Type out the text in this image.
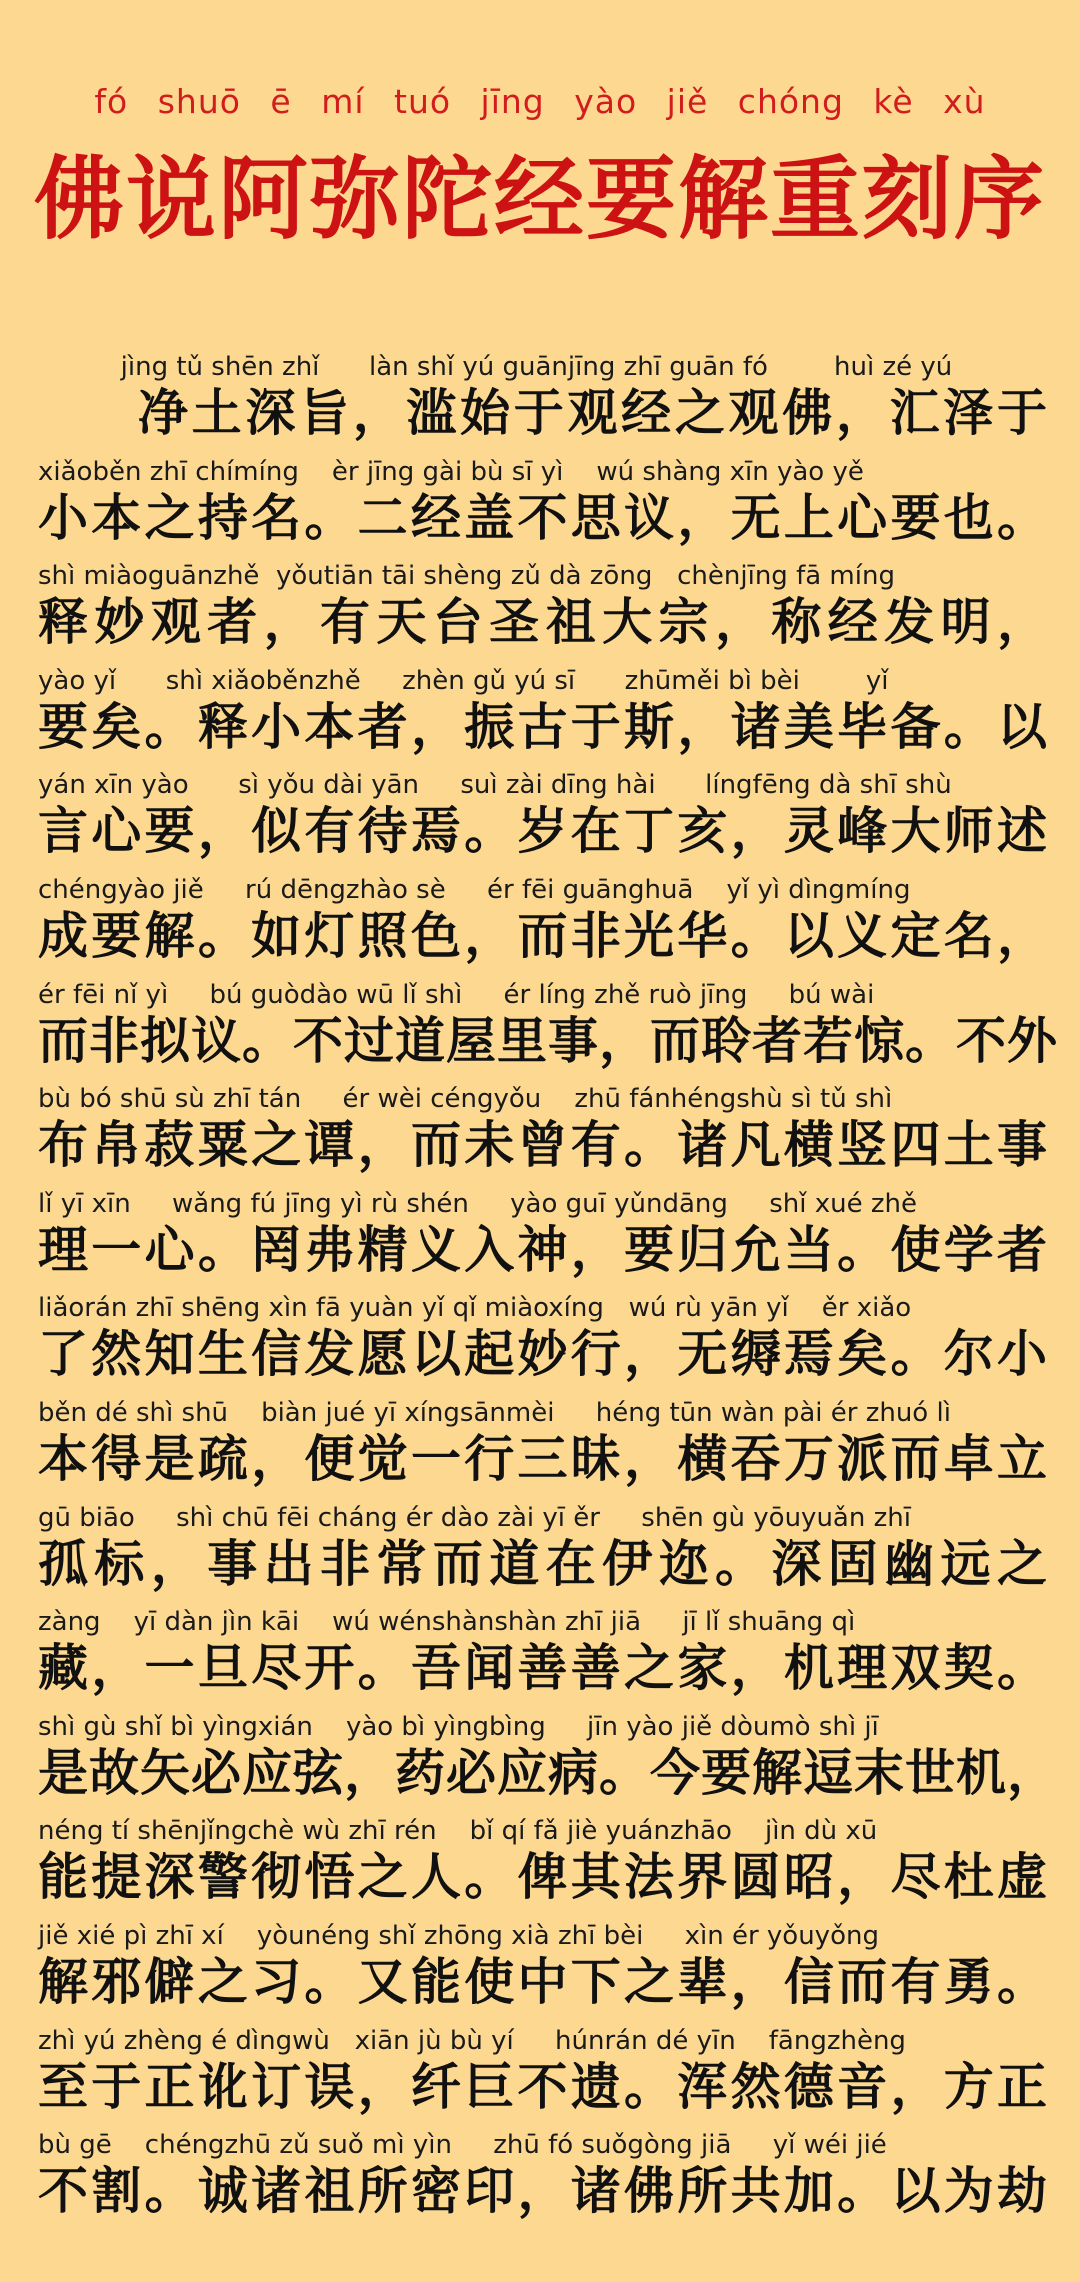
fó shuō ē mí tuó jīng yào jiě chóng kè xù
佛说阿弥陀经要解重刻序
jìng tǔ shēn zhǐ      làn shǐ yú guānjīng zhī guān fó        huì zé yú
净土深旨，滥始于观经之观佛，汇泽于
xiǎoběn zhī chímíng    èr jīng gài bù sī yì    wú shàng xīn yào yě
小本之持名。二经盖不思议，无上心要也。
shì miàoguānzhě  yǒutiān tāi shèng zǔ dà zōng   chènjīng fā míng
释妙观者，有天台圣祖大宗，称经发明，
yào yǐ      shì xiǎoběnzhě     zhèn gǔ yú sī      zhūměi bì bèi        yǐ
要矣。释小本者，振古于斯，诸美毕备。以
yán xīn yào      sì yǒu dài yān     suì zài dīng hài      língfēng dà shī shù
言心要，似有待焉。岁在丁亥，灵峰大师述
chéngyào jiě     rú dēngzhào sè     ér fēi guānghuā    yǐ yì dìngmíng
成要解。如灯照色，而非光华。以义定名，
ér fēi nǐ yì     bú guòdào wū lǐ shì     ér líng zhě ruò jīng     bú wài
而非拟议。不过道屋里事，而聆者若惊。不外
bù bó shū sù zhī tán     ér wèi céngyǒu    zhū fánhéngshù sì tǔ shì
布帛菽粟之谭，而未曾有。诸凡横竖四土事
lǐ yī xīn     wǎng fú jīng yì rù shén     yào guī yǔndāng     shǐ xué zhě
理一心。罔弗精义入神，要归允当。使学者
liǎorán zhī shēng xìn fā yuàn yǐ qǐ miàoxíng   wú rù yān yǐ    ěr xiǎo
了然知生信发愿以起妙行，无缛焉矣。尔小
běn dé shì shū    biàn jué yī xíngsānmèi     héng tūn wàn pài ér zhuó lì
本得是疏，便觉一行三昧，横吞万派而卓立
gū biāo     shì chū fēi cháng ér dào zài yī ěr     shēn gù yōuyuǎn zhī
孤标，事出非常而道在伊迩。深固幽远之
zàng    yī dàn jìn kāi    wú wénshànshàn zhī jiā     jī lǐ shuāng qì
藏，一旦尽开。吾闻善善之家，机理双契。
shì gù shǐ bì yìngxián    yào bì yìngbìng     jīn yào jiě dòumò shì jī
是故矢必应弦，药必应病。今要解逗末世机，
néng tí shēnjǐngchè wù zhī rén    bǐ qí fǎ jiè yuánzhāo    jìn dù xū
能提深警彻悟之人。俾其法界圆昭，尽杜虚
jiě xié pì zhī xí    yòunéng shǐ zhōng xià zhī bèi     xìn ér yǒuyǒng
解邪僻之习。又能使中下之辈，信而有勇。
zhì yú zhèng é dìngwù   xiān jù bù yí     húnrán dé yīn    fāngzhèng
至于正讹订误，纤巨不遗。浑然德音，方正
bù gē    chéngzhū zǔ suǒ mì yìn     zhū fó suǒgòng jiā     yǐ wéi jié
不割。诚诸祖所密印，诸佛所共加。以为劫
